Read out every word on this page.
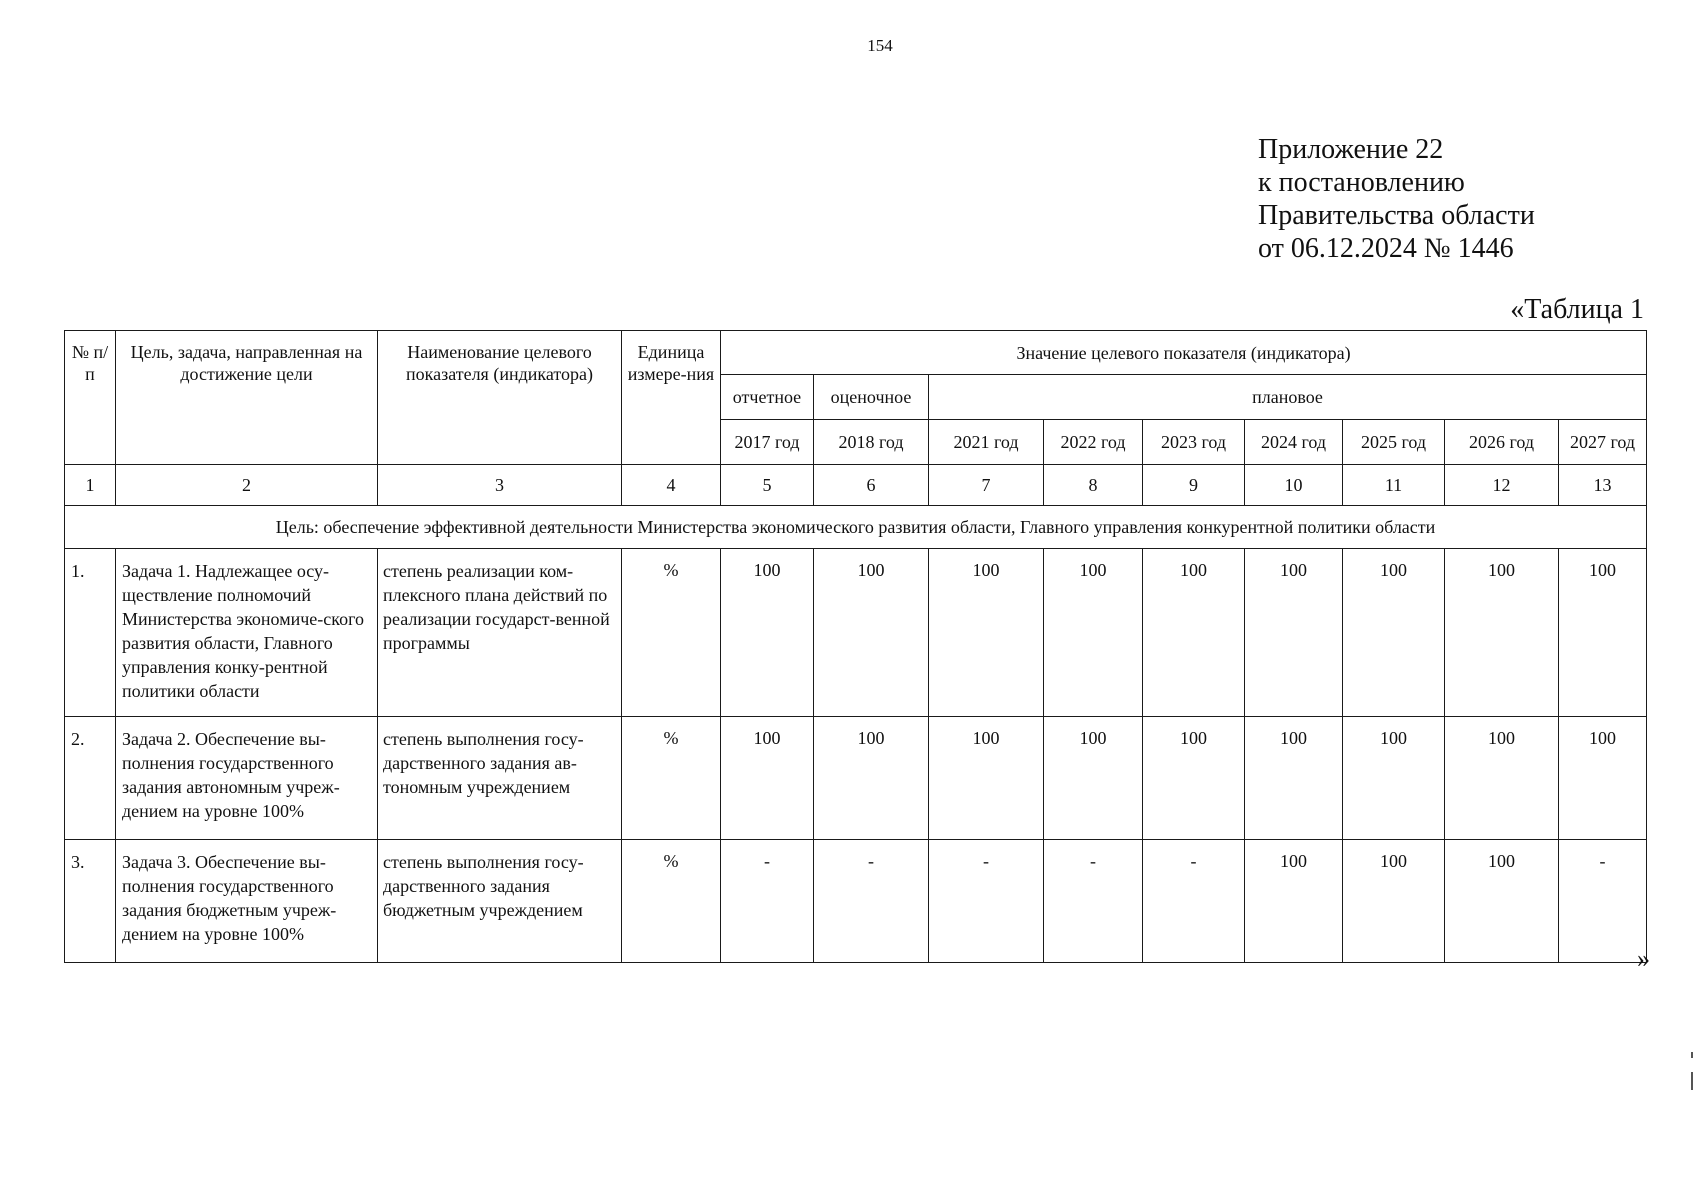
154
Приложение 22
к постановлению
Правительства области
от 06.12.2024 № 1446
«Таблица 1
№ п/п	Цель, задача, направленная на достижение цели	Наименование целевого показателя (индикатора)	Единица измере-ния	Значение целевого показателя (индикатора)								
				отчетное	оценочное	плановое						
				2017 год	2018 год	2021 год	2022 год	2023 год	2024 год	2025 год	2026 год	2027 год
1	2	3	4	5	6	7	8	9	10	11	12	13
Цель: обеспечение эффективной деятельности Министерства экономического развития области, Главного управления конкурентной политики области												
1.	Задача 1. Надлежащее осу-ществление полномочий Министерства экономиче-ского развития области, Главного управления конку-рентной политики области	степень реализации ком-плексного плана действий по реализации государст-венной программы	%	100	100	100	100	100	100	100	100	100
2.	Задача 2. Обеспечение вы-полнения государственного задания автономным учреж-дением на уровне 100%	степень выполнения госу-дарственного задания ав-тономным учреждением	%	100	100	100	100	100	100	100	100	100
3.	Задача 3. Обеспечение вы-полнения государственного задания бюджетным учреж-дением на уровне 100%	степень выполнения госу-дарственного задания бюджетным учреждением	%	-	-	-	-	-	100	100	100	-
»
